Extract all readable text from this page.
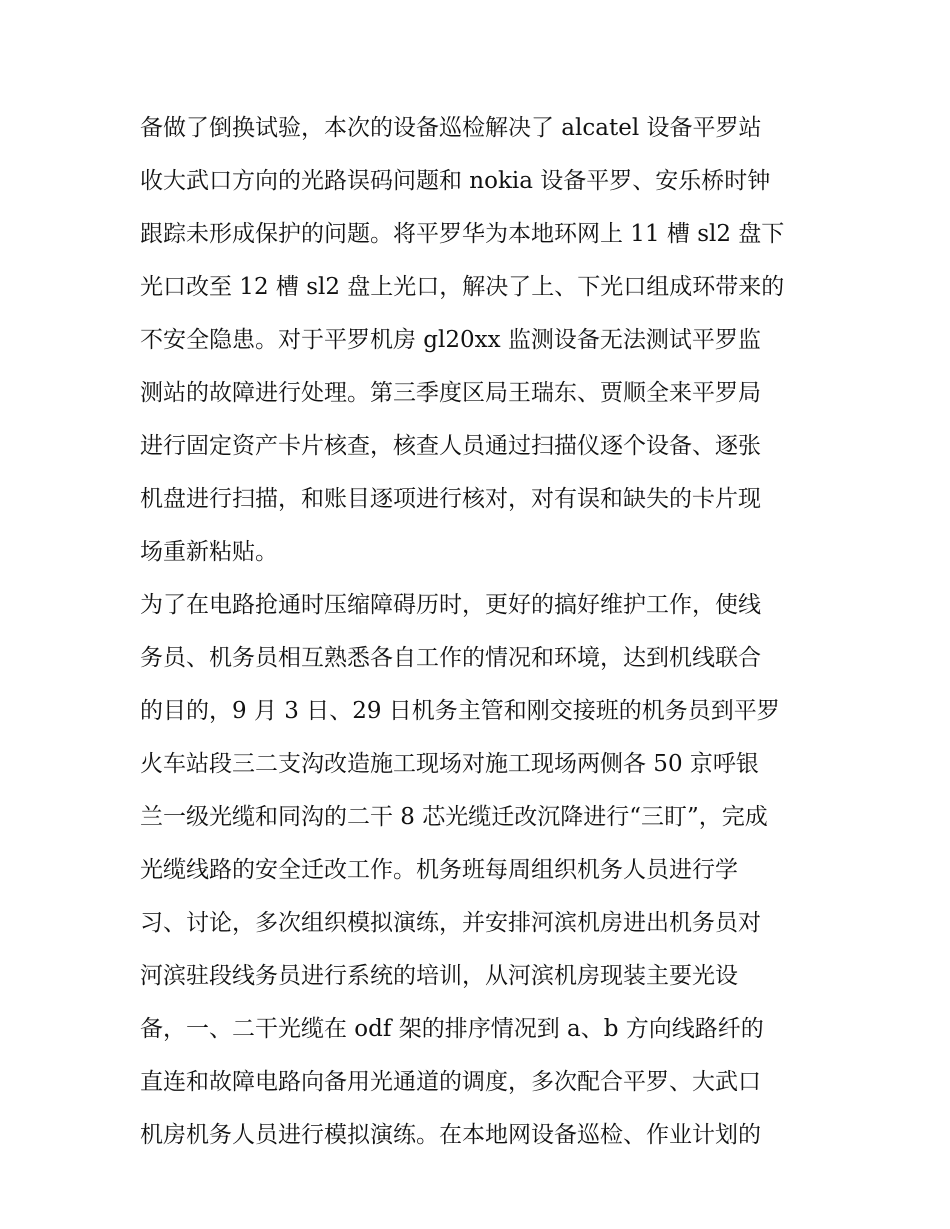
备做了倒换试验，本次的设备巡检解决了 alcatel 设备平罗站
收大武口方向的光路误码问题和 nokia 设备平罗、安乐桥时钟
跟踪未形成保护的问题。将平罗华为本地环网上 11 槽 sl2 盘下
光口改至 12 槽 sl2 盘上光口，解决了上、下光口组成环带来的
不安全隐患。对于平罗机房 gl20xx 监测设备无法测试平罗监
测站的故障进行处理。第三季度区局王瑞东、贾顺全来平罗局
进行固定资产卡片核查，核查人员通过扫描仪逐个设备、逐张
机盘进行扫描，和账目逐项进行核对，对有误和缺失的卡片现
场重新粘贴。
为了在电路抢通时压缩障碍历时，更好的搞好维护工作，使线
务员、机务员相互熟悉各自工作的情况和环境，达到机线联合
的目的，9 月 3 日、29 日机务主管和刚交接班的机务员到平罗
火车站段三二支沟改造施工现场对施工现场两侧各 50 京呼银
兰一级光缆和同沟的二干 8 芯光缆迁改沉降进行“三盯”，完成
光缆线路的安全迁改工作。机务班每周组织机务人员进行学
习、讨论，多次组织模拟演练，并安排河滨机房进出机务员对
河滨驻段线务员进行系统的培训，从河滨机房现装主要光设
备，一、二干光缆在 odf 架的排序情况到 a、b 方向线路纤的
直连和故障电路向备用光通道的调度，多次配合平罗、大武口
机房机务人员进行模拟演练。在本地网设备巡检、作业计划的
